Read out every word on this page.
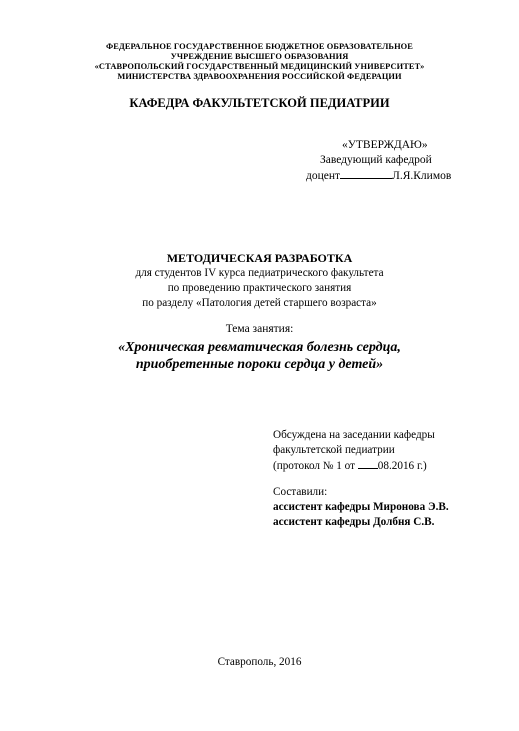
ФЕДЕРАЛЬНОЕ ГОСУДАРСТВЕННОЕ БЮДЖЕТНОЕ ОБРАЗОВАТЕЛЬНОЕ
УЧРЕЖДЕНИЕ ВЫСШЕГО ОБРАЗОВАНИЯ
«СТАВРОПОЛЬСКИЙ ГОСУДАРСТВЕННЫЙ МЕДИЦИНСКИЙ УНИВЕРСИТЕТ»
МИНИСТЕРСТВА ЗДРАВООХРАНЕНИЯ РОССИЙСКОЙ ФЕДЕРАЦИИ
КАФЕДРА ФАКУЛЬТЕТСКОЙ ПЕДИАТРИИ
«УТВЕРЖДАЮ»
Заведующий кафедрой
доцент	Л.Я.Климов
МЕТОДИЧЕСКАЯ РАЗРАБОТКА
для студентов IV курса педиатрического факультета
по проведению практического занятия
по разделу «Патология детей старшего возраста»
Тема занятия:
«Хроническая ревматическая болезнь сердца,
приобретенные пороки сердца у детей»
Обсуждена на заседании кафедры
факультетской педиатрии
(протокол № 1 от 08.2016 г.)
Составили:
ассистент кафедры Миронова Э.В.
ассистент кафедры Долбня С.В.
Ставрополь, 2016
